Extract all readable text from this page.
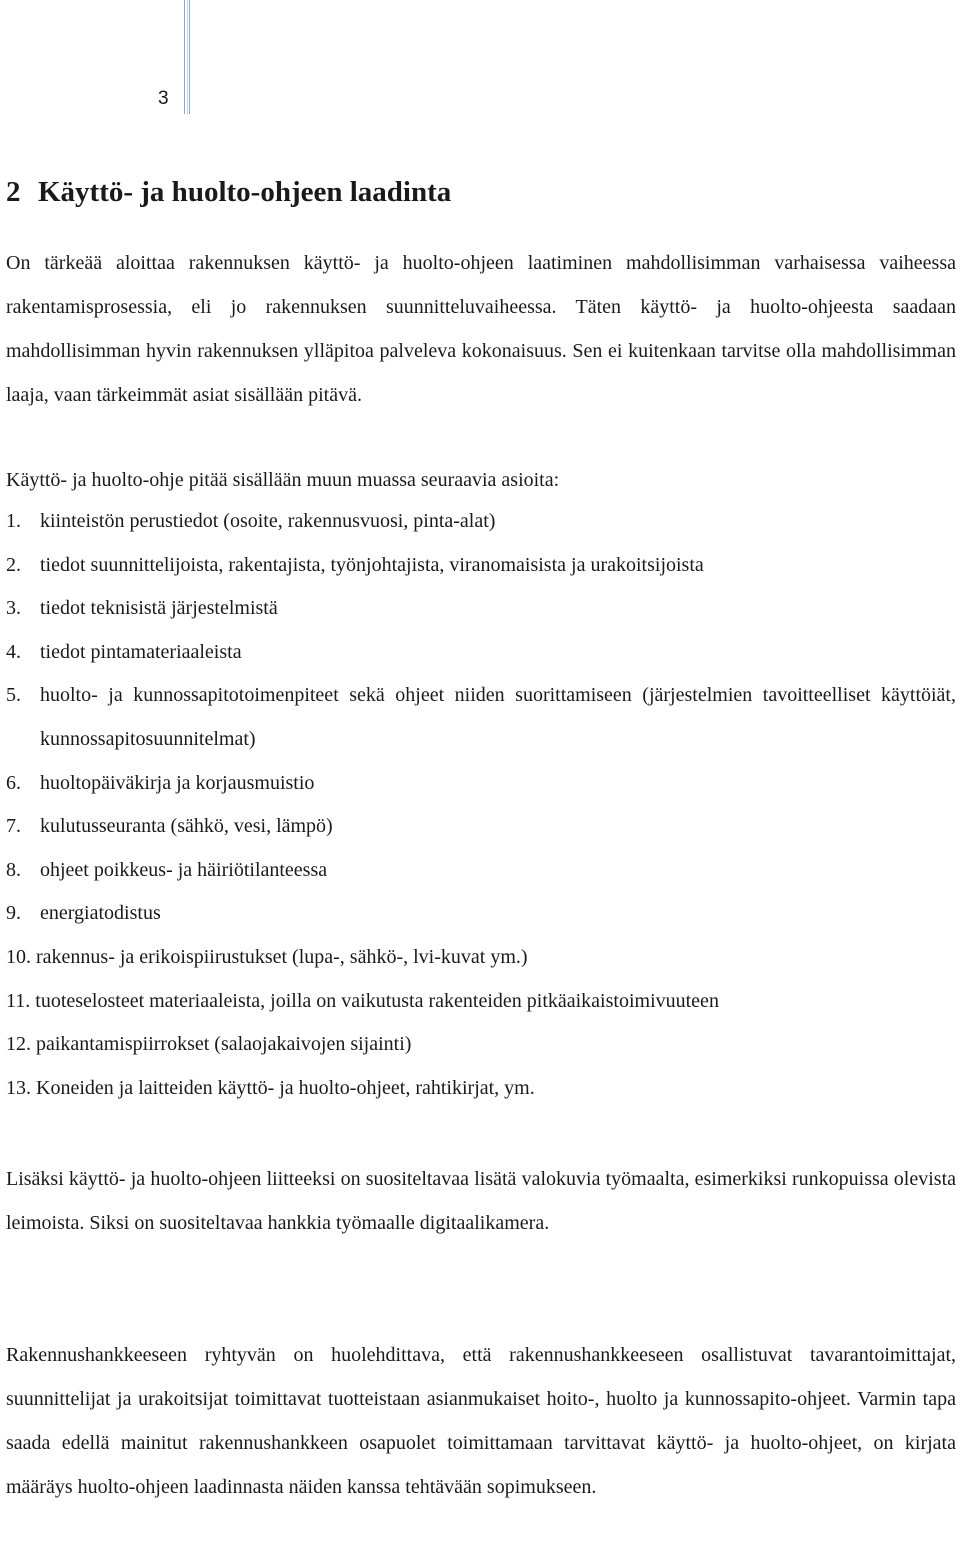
3
2 Käyttö- ja huolto-ohjeen laadinta

On tärkeää aloittaa rakennuksen käyttö- ja huolto-ohjeen laatiminen mahdollisimman varhaisessa vaiheessa rakentamisprosessia, eli jo rakennuksen suunnitteluvaiheessa. Täten käyttö- ja huolto-ohjeesta saadaan mahdollisimman hyvin rakennuksen ylläpitoa palveleva kokonaisuus. Sen ei kuitenkaan tarvitse olla mahdollisimman laaja, vaan tärkeimmät asiat sisällään pitävä.

Käyttö- ja huolto-ohje pitää sisällään muun muassa seuraavia asioita:

1. kiinteistön perustiedot (osoite, rakennusvuosi, pinta-alat)
2. tiedot suunnittelijoista, rakentajista, työnjohtajista, viranomaisista ja urakoitsijoista
3. tiedot teknisistä järjestelmistä
4. tiedot pintamateriaaleista
5. huolto- ja kunnossapitotoimenpiteet sekä ohjeet niiden suorittamiseen (järjestelmien tavoitteelliset käyttöiät, kunnossapitosuunnitelmat)
6. huoltopäiväkirja ja korjausmuistio
7. kulutusseuranta (sähkö, vesi, lämpö)
8. ohjeet poikkeus- ja häiriötilanteessa
9. energiatodistus
10.
rakennus- ja erikoispiirustukset (lupa-, sähkö-, lvi-kuvat ym.)
11.
tuoteselosteet materiaaleista, joilla on vaikutusta rakenteiden pitkäaikaistoimivuuteen
12.
paikantamispiirrokset (salaojakaivojen sijainti)
13.
Koneiden ja laitteiden käyttö- ja huolto-ohjeet, rahtikirjat, ym.

Lisäksi käyttö- ja huolto-ohjeen liitteeksi on suositeltavaa lisätä valokuvia työmaalta, esimerkiksi runkopuissa olevista leimoista. Siksi on suositeltavaa hankkia työmaalle digitaalikamera.

Rakennushankkeeseen ryhtyvän on huolehdittava, että rakennushankkeeseen osallistuvat tavarantoimittajat, suunnittelijat ja urakoitsijat toimittavat tuotteistaan asianmukaiset hoito-, huolto ja kunnossapito-ohjeet. Varmin tapa saada edellä mainitut rakennushankkeen osapuolet toimittamaan tarvittavat käyttö- ja huolto-ohjeet, on kirjata määräys huolto-ohjeen laadinnasta näiden kanssa tehtävään sopimukseen.
